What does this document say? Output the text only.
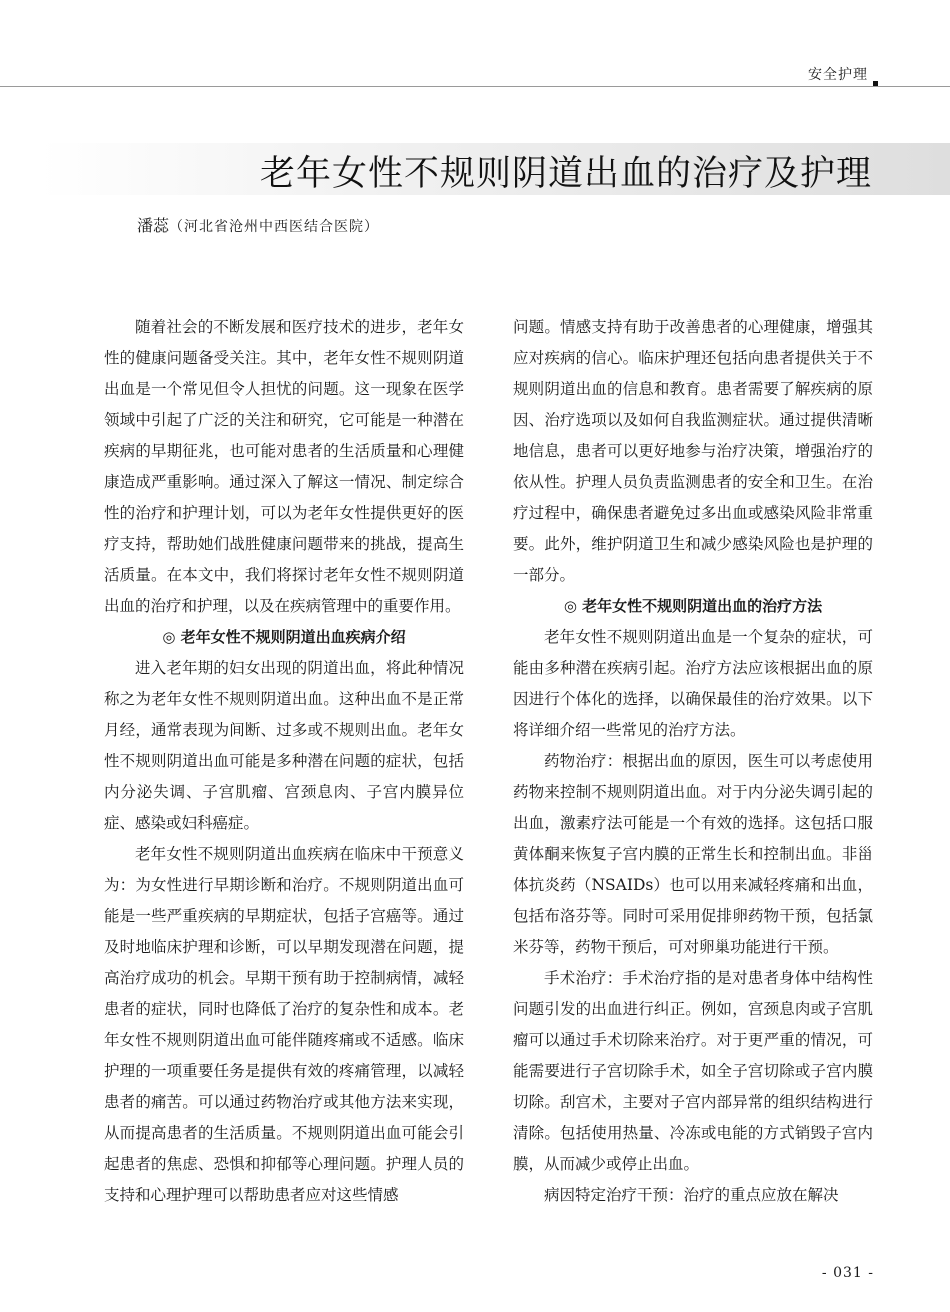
安全护理
老年女性不规则阴道出血的治疗及护理
潘蕊（河北省沧州中西医结合医院）

随着社会的不断发展和医疗技术的进步，老年女性的健康问题备受关注。其中，老年女性不规则阴道出血是一个常见但令人担忧的问题。这一现象在医学领域中引起了广泛的关注和研究，它可能是一种潜在疾病的早期征兆，也可能对患者的生活质量和心理健康造成严重影响。通过深入了解这一情况、制定综合性的治疗和护理计划，可以为老年女性提供更好的医疗支持，帮助她们战胜健康问题带来的挑战，提高生活质量。在本文中，我们将探讨老年女性不规则阴道出血的治疗和护理，以及在疾病管理中的重要作用。

◎ 老年女性不规则阴道出血疾病介绍

进入老年期的妇女出现的阴道出血，将此种情况称之为老年女性不规则阴道出血。这种出血不是正常月经，通常表现为间断、过多或不规则出血。老年女性不规则阴道出血可能是多种潜在问题的症状，包括内分泌失调、子宫肌瘤、宫颈息肉、子宫内膜异位症、感染或妇科癌症。

老年女性不规则阴道出血疾病在临床中干预意义为：为女性进行早期诊断和治疗。不规则阴道出血可能是一些严重疾病的早期症状，包括子宫癌等。通过及时地临床护理和诊断，可以早期发现潜在问题，提高治疗成功的机会。早期干预有助于控制病情，减轻患者的症状，同时也降低了治疗的复杂性和成本。老年女性不规则阴道出血可能伴随疼痛或不适感。临床护理的一项重要任务是提供有效的疼痛管理，以减轻患者的痛苦。可以通过药物治疗或其他方法来实现，从而提高患者的生活质量。不规则阴道出血可能会引起患者的焦虑、恐惧和抑郁等心理问题。护理人员的支持和心理护理可以帮助患者应对这些情感

问题。情感支持有助于改善患者的心理健康，增强其应对疾病的信心。临床护理还包括向患者提供关于不规则阴道出血的信息和教育。患者需要了解疾病的原因、治疗选项以及如何自我监测症状。通过提供清晰地信息，患者可以更好地参与治疗决策，增强治疗的依从性。护理人员负责监测患者的安全和卫生。在治疗过程中，确保患者避免过多出血或感染风险非常重要。此外，维护阴道卫生和减少感染风险也是护理的一部分。

◎ 老年女性不规则阴道出血的治疗方法

老年女性不规则阴道出血是一个复杂的症状，可能由多种潜在疾病引起。治疗方法应该根据出血的原因进行个体化的选择，以确保最佳的治疗效果。以下将详细介绍一些常见的治疗方法。

药物治疗：根据出血的原因，医生可以考虑使用药物来控制不规则阴道出血。对于内分泌失调引起的出血，激素疗法可能是一个有效的选择。这包括口服黄体酮来恢复子宫内膜的正常生长和控制出血。非甾体抗炎药（NSAIDs）也可以用来减轻疼痛和出血，包括布洛芬等。同时可采用促排卵药物干预，包括氯米芬等，药物干预后，可对卵巢功能进行干预。

手术治疗：手术治疗指的是对患者身体中结构性问题引发的出血进行纠正。例如，宫颈息肉或子宫肌瘤可以通过手术切除来治疗。对于更严重的情况，可能需要进行子宫切除手术，如全子宫切除或子宫内膜切除。刮宫术，主要对子宫内部异常的组织结构进行清除。包括使用热量、冷冻或电能的方式销毁子宫内膜，从而减少或停止出血。

病因特定治疗干预：治疗的重点应放在解决

- 031 -
